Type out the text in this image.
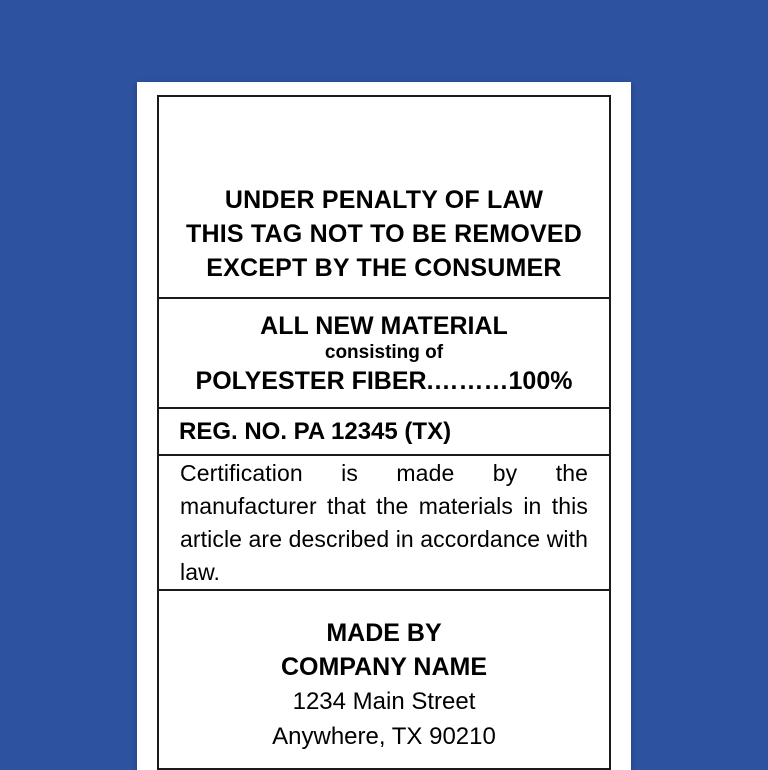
UNDER PENALTY OF LAW
THIS TAG NOT TO BE REMOVED
EXCEPT BY THE CONSUMER
ALL NEW MATERIAL
consisting of
POLYESTER FIBER.………100%
REG. NO. PA 12345 (TX)
Certification is made by the manufacturer that the materials in this article are described in accordance with law.
MADE BY
COMPANY NAME
1234 Main Street
Anywhere, TX 90210
